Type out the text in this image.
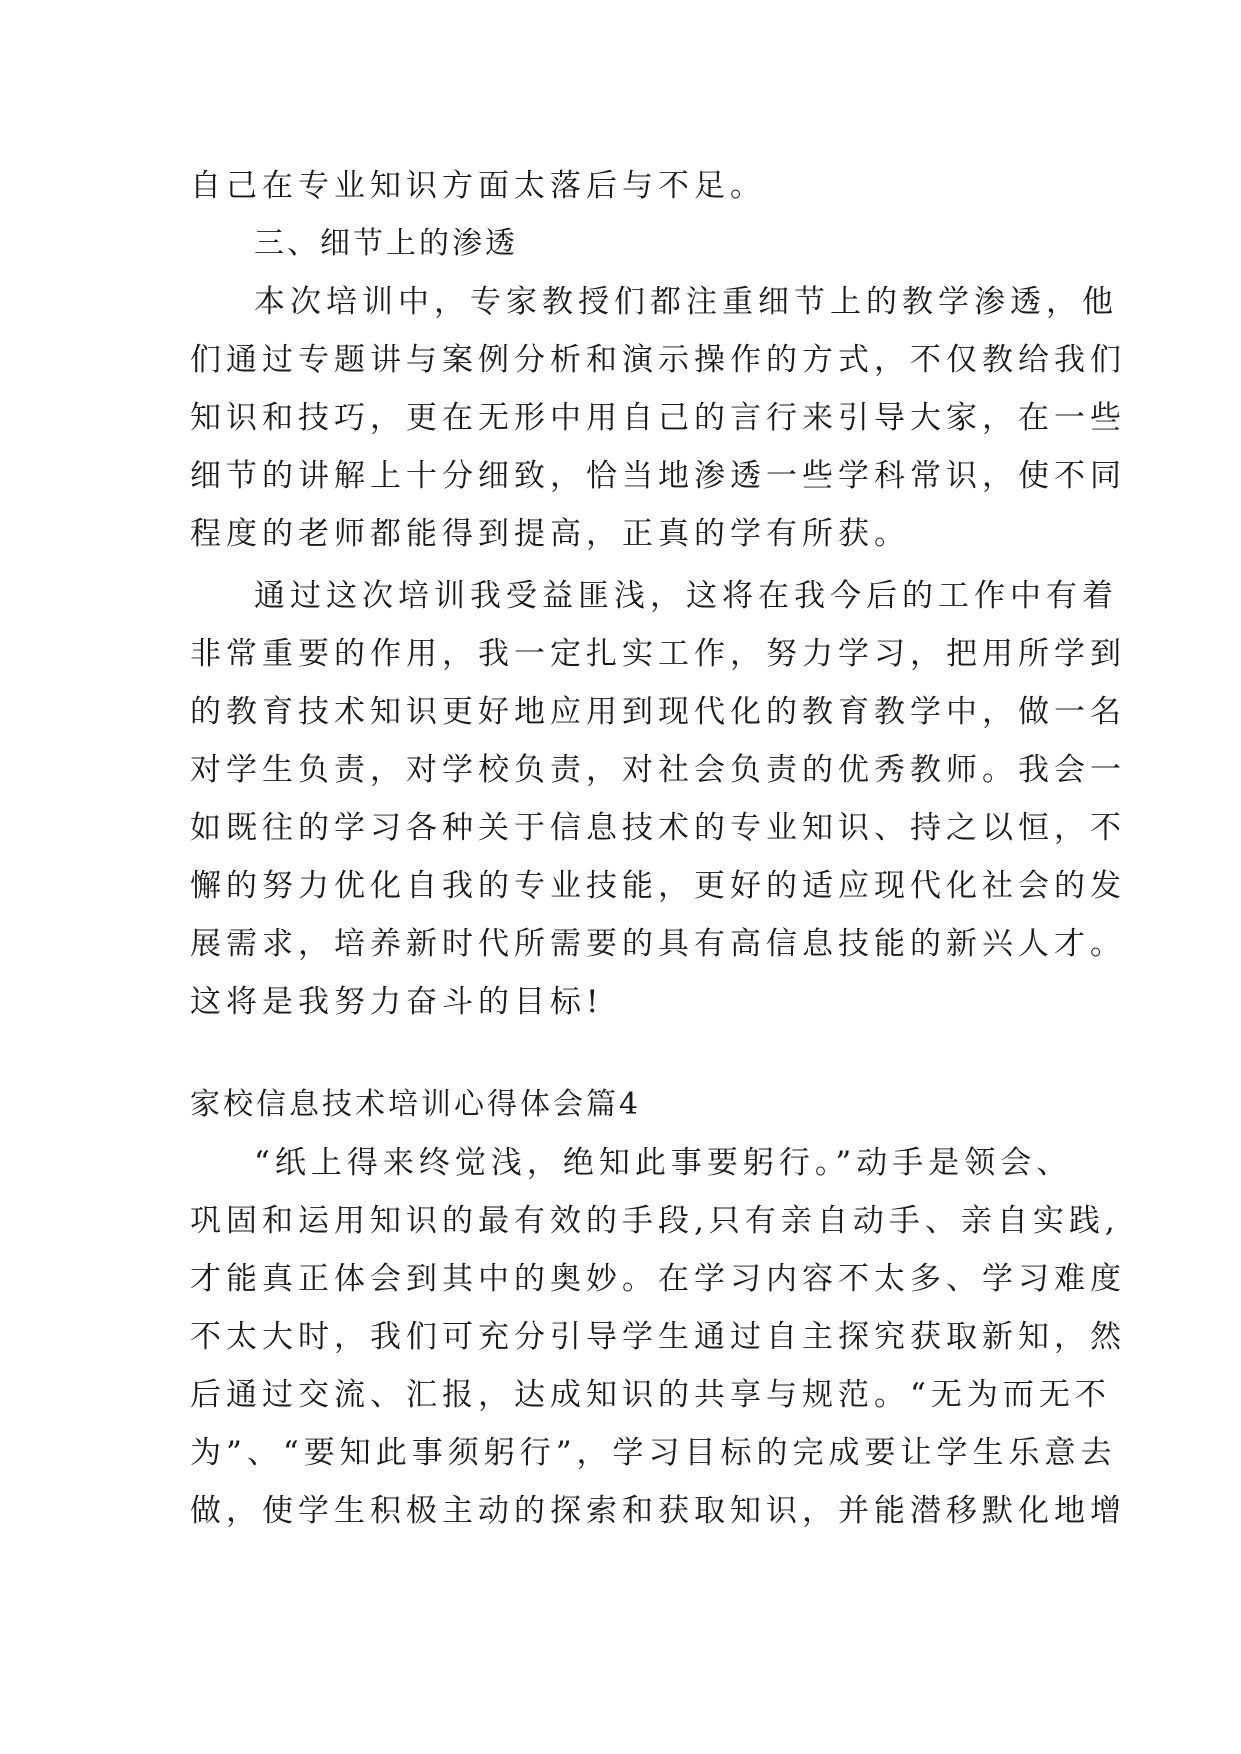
自己在专业知识方面太落后与不足。
三、细节上的渗透
本次培训中，专家教授们都注重细节上的教学渗透，他
们通过专题讲与案例分析和演示操作的方式，不仅教给我们
知识和技巧，更在无形中用自己的言行来引导大家，在一些
细节的讲解上十分细致，恰当地渗透一些学科常识，使不同
程度的老师都能得到提高，正真的学有所获。
通过这次培训我受益匪浅，这将在我今后的工作中有着
非常重要的作用，我一定扎实工作，努力学习，把用所学到
的教育技术知识更好地应用到现代化的教育教学中，做一名
对学生负责，对学校负责，对社会负责的优秀教师。我会一
如既往的学习各种关于信息技术的专业知识、持之以恒，不
懈的努力优化自我的专业技能，更好的适应现代化社会的发
展需求，培养新时代所需要的具有高信息技能的新兴人才。
这将是我努力奋斗的目标!
家校信息技术培训心得体会篇4
“纸上得来终觉浅，绝知此事要躬行。”动手是领会、
巩固和运用知识的最有效的手段,只有亲自动手、亲自实践,
才能真正体会到其中的奥妙。在学习内容不太多、学习难度
不太大时，我们可充分引导学生通过自主探究获取新知，然
后通过交流、汇报，达成知识的共享与规范。“无为而无不
为”、“要知此事须躬行”，学习目标的完成要让学生乐意去
做，使学生积极主动的探索和获取知识，并能潜移默化地增
